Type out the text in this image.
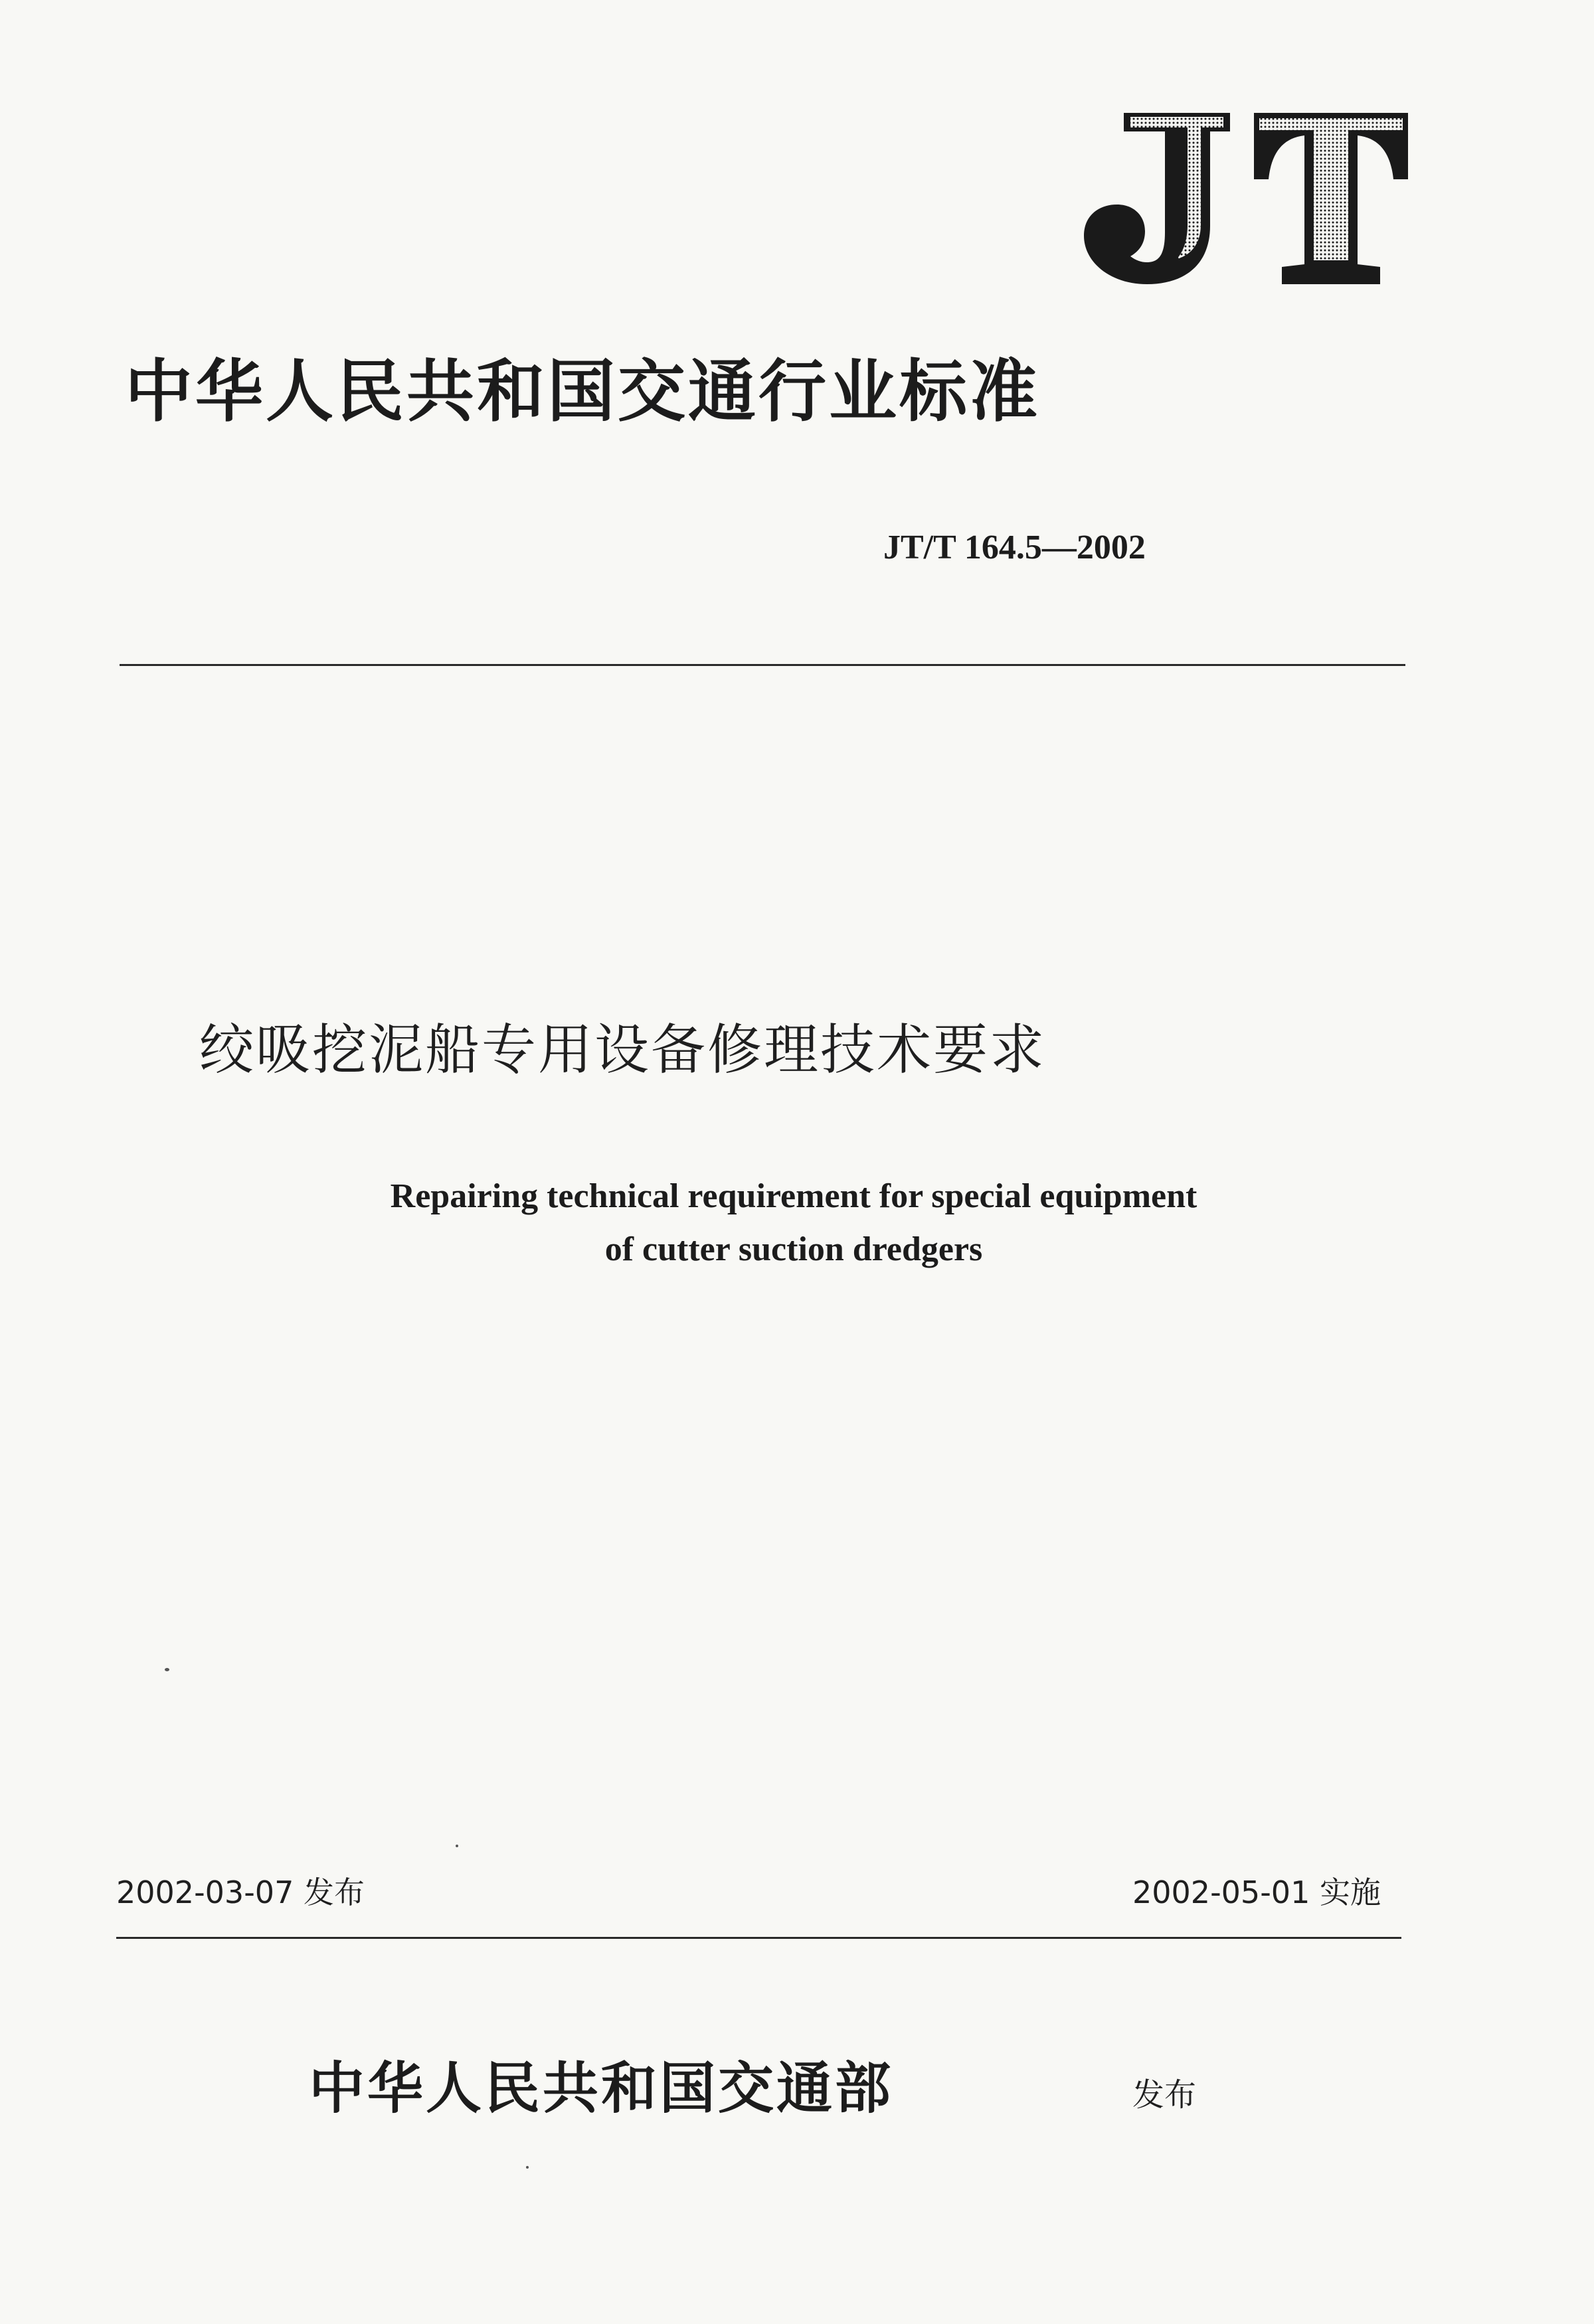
中华人民共和国交通行业标准
JT/T 164.5—2002
绞吸挖泥船专用设备修理技术要求
Repairing technical requirement for special equipment
of cutter suction dredgers
2002-03-07 发布	2002-05-01 实施
中华人民共和国交通部	发布
